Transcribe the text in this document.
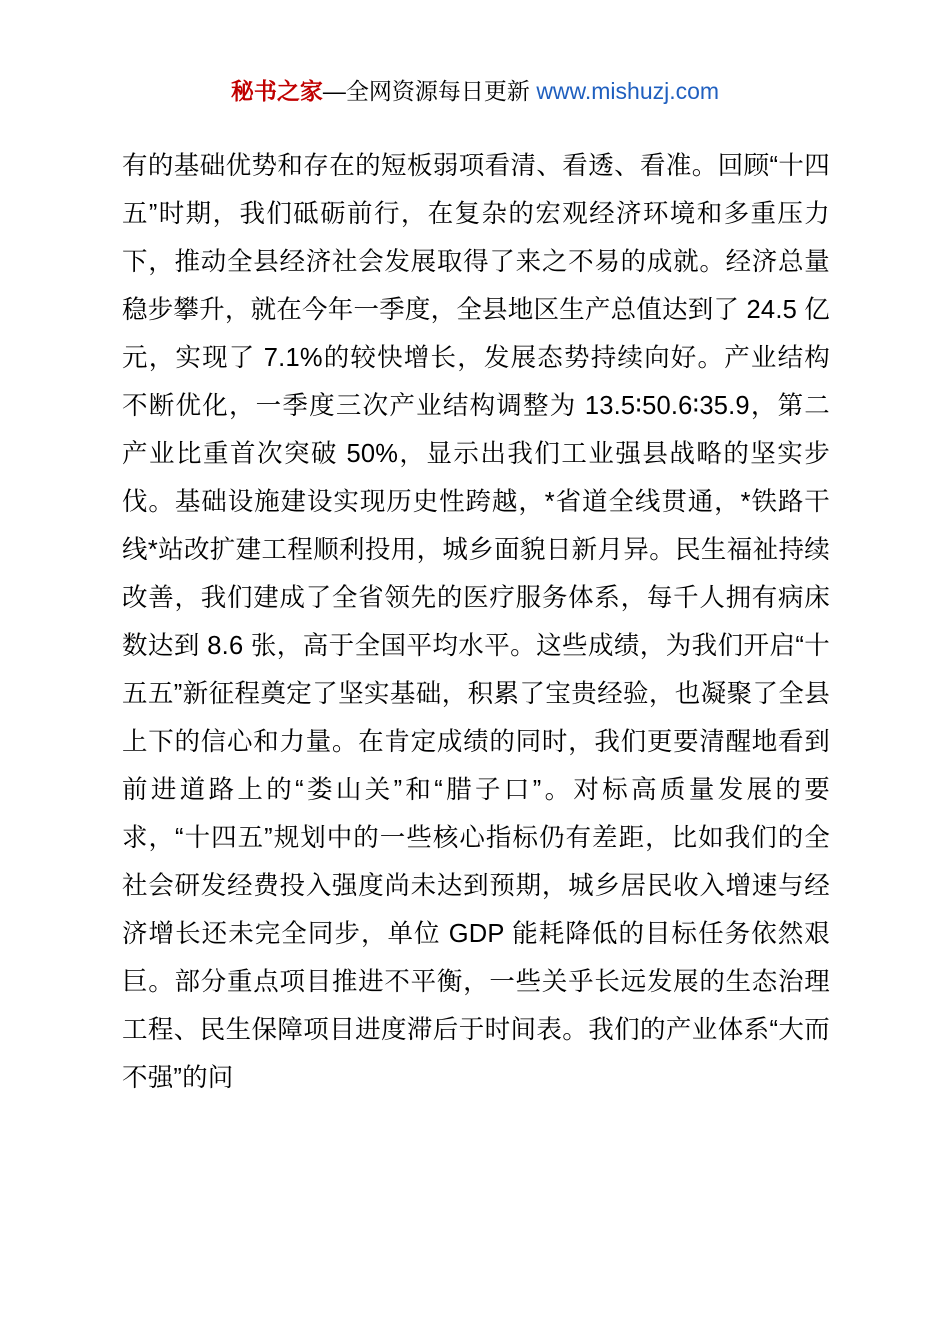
秘书之家—全网资源每日更新 www.mishuzj.com

有的基础优势和存在的短板弱项看清、看透、看准。回顾“十四五”时期，我们砥砺前行，在复杂的宏观经济环境和多重压力下，推动全县经济社会发展取得了来之不易的成就。经济总量稳步攀升，就在今年一季度，全县地区生产总值达到了 24.5 亿元，实现了 7.1%的较快增长，发展态势持续向好。产业结构不断优化，一季度三次产业结构调整为 13.5∶50.6∶35.9，第二产业比重首次突破 50%，显示出我们工业强县战略的坚实步伐。基础设施建设实现历史性跨越，*省道全线贯通，*铁路干线*站改扩建工程顺利投用，城乡面貌日新月异。民生福祉持续改善，我们建成了全省领先的医疗服务体系，每千人拥有病床数达到 8.6 张，高于全国平均水平。这些成绩，为我们开启“十五五”新征程奠定了坚实基础，积累了宝贵经验，也凝聚了全县上下的信心和力量。在肯定成绩的同时，我们更要清醒地看到前进道路上的“娄山关”和“腊子口”。对标高质量发展的要求，“十四五”规划中的一些核心指标仍有差距，比如我们的全社会研发经费投入强度尚未达到预期，城乡居民收入增速与经济增长还未完全同步，单位 GDP 能耗降低的目标任务依然艰巨。部分重点项目推进不平衡，一些关乎长远发展的生态治理工程、民生保障项目进度滞后于时间表。我们的产业体系“大而不强”的问
